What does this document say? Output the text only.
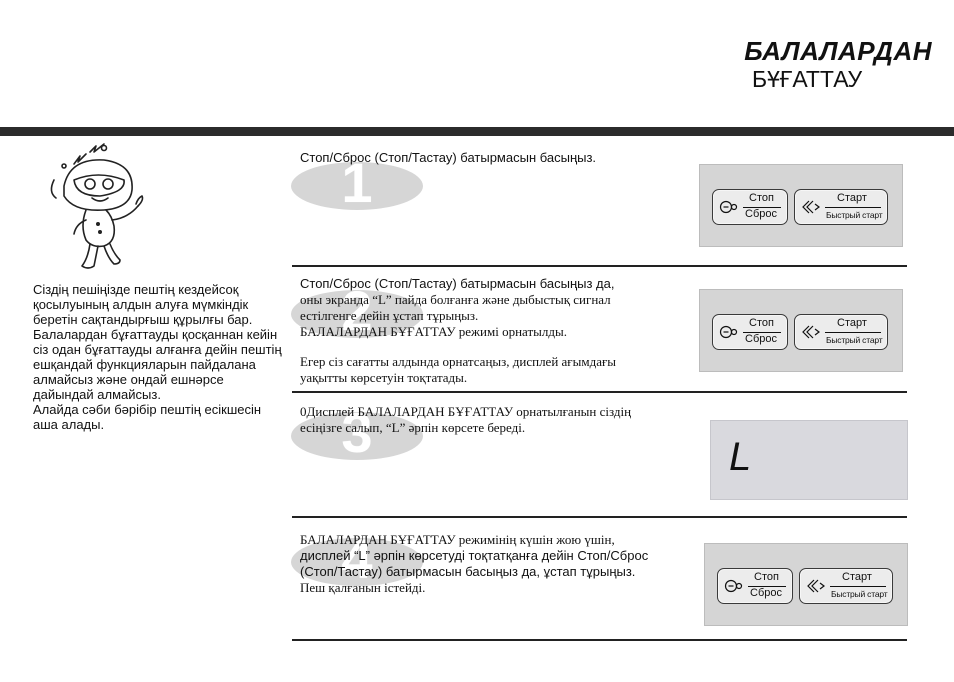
БАЛАЛАРДАН
БҰҒАТТАУ

Сіздің пешіңізде пештің кездейсоқ қосылуының алдын алуға мүмкіндік беретін сақтандырғыш құрылғы бар. Балалардан бұғаттауды қосқаннан кейін сіз одан бұғаттауды алғанға дейін пештің ешқандай функцияларын пайдалана алмайсыз және ондай ешнәрсе дайындай алмайсыз.

Алайда сәби бәрібір пештің есікшесін аша алады.

1

Стоп/Сброс (Стоп/Тастау) батырмасын басыңыз.

Стоп
Сброс
Старт
Быстрый старт
2

Стоп/Сброс (Стоп/Тастау) батырмасын басыңыз да,

оны экранда “L” пайда болғанға және дыбыстық сигнал

естілгенге дейін ұстап тұрыңыз.

БАЛАЛАРДАН БҰҒАТТАУ режимі орнатылды.

Егер сіз сағатты алдында орнатсаңыз, дисплей ағымдағы

уақытты көрсетуін тоқтатады.

Стоп
Сброс
Старт
Быстрый старт
3

0Дисплей БАЛАЛАРДАН БҰҒАТТАУ орнатылғанын сіздің

есіңізге салып, “L” әрпін көрсете береді.

L
4

БАЛАЛАРДАН БҰҒАТТАУ режимінің күшін жою үшін,

дисплей “L” әрпін көрсетуді тоқтатқанға дейін Стоп/Сброс

(Стоп/Тастау) батырмасын басыңыз да, ұстап тұрыңыз.

Пеш қалғанын істейді.

Стоп
Сброс
Старт
Быстрый старт
